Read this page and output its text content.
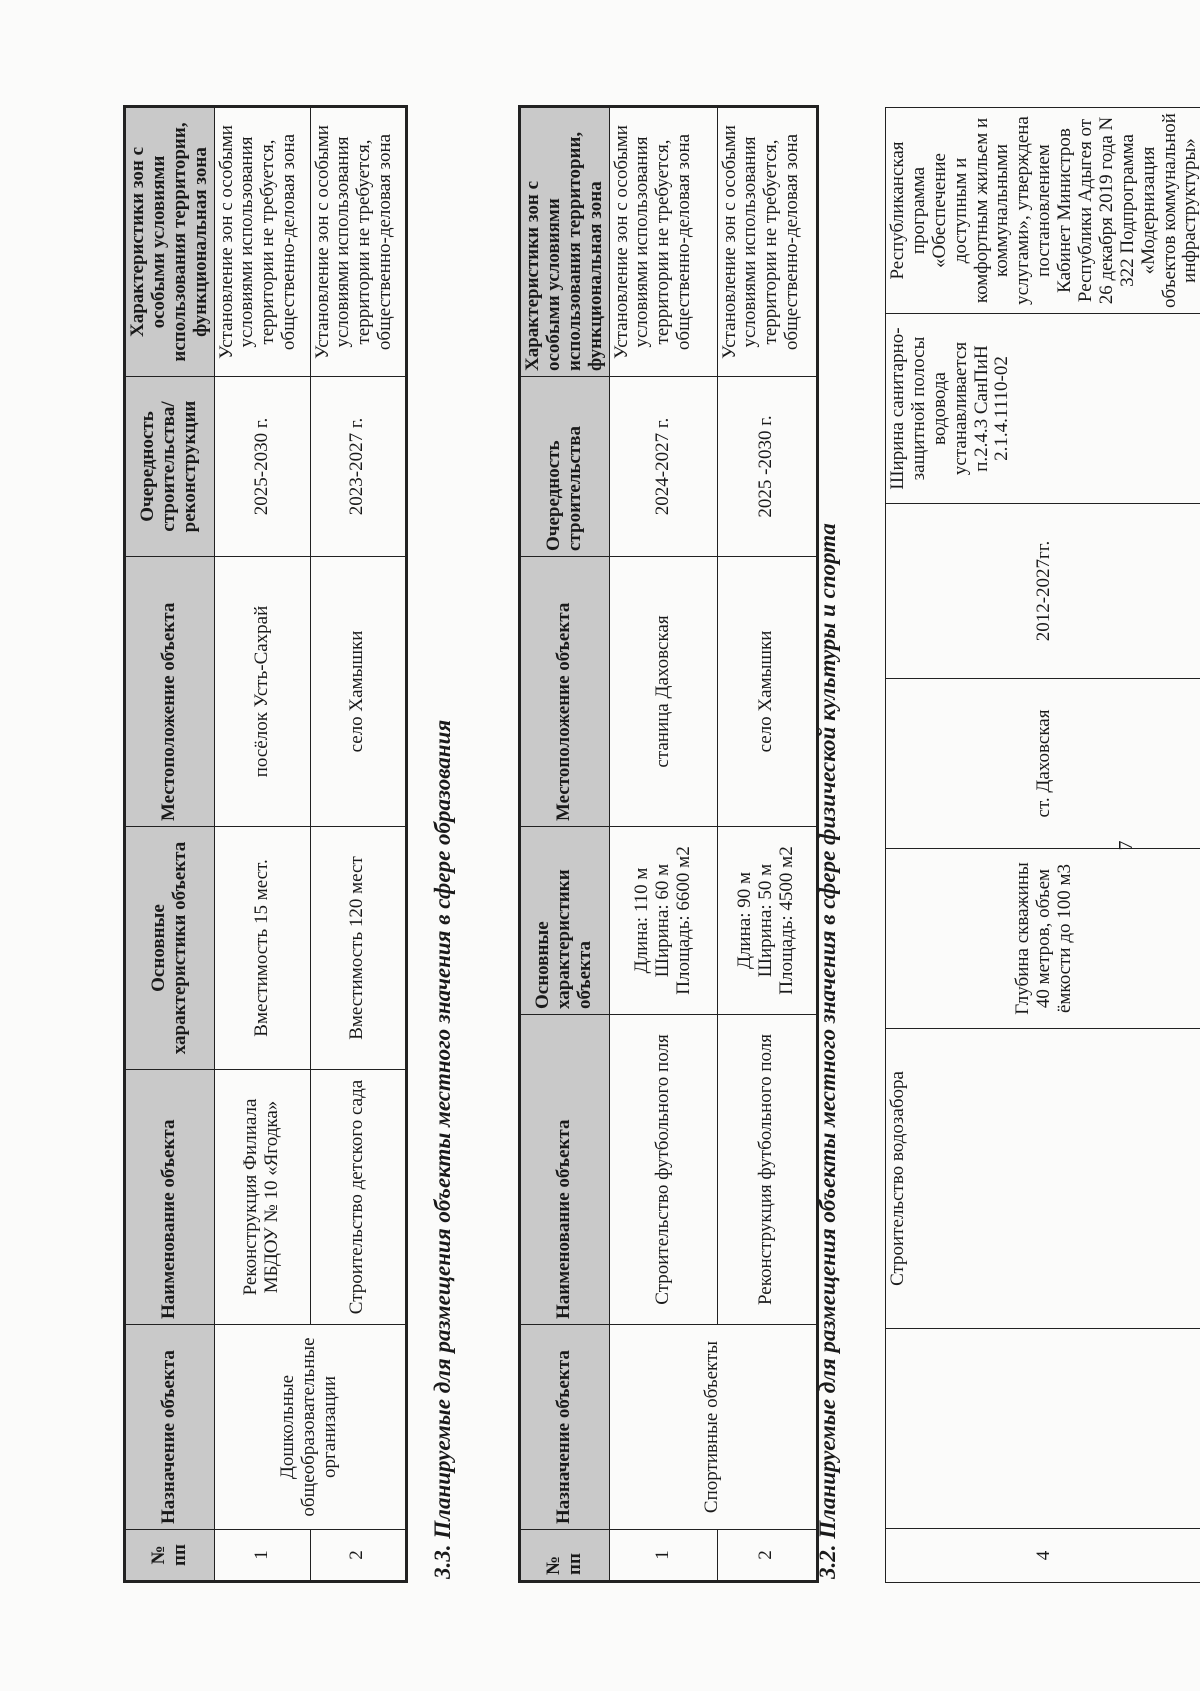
7
4		Строительство водозабора	Глубина скважины 40 метров, объем ёмкости до 100 м3	ст. Даховская	2012-2027гг.	Ширина санитарно-защитной полосы водовода устанавливается п.2.4.3 СанПиН 2.1.4.1110-02	Республиканская программа «Обеспечение доступным и комфортным жильем и коммунальными услугами», утверждена постановлением Кабинет Министров Республики Адыгея от 26 декабря 2019 года N 322 Подпрограмма «Модернизация объектов коммунальной инфраструктуры»
3.2. Планируемые для размещения объекты местного значения в сфере физической культуры и спорта
№ пп	Назначение объекта	Наименование объекта	Основные характеристики объекта	Местоположение объекта	Очередность строительства	Характеристики зон с особыми условиями использования территории, функциональная зона
1	Спортивные объекты	Строительство футбольного поля	Длина: 110 м
Ширина: 60 м
Площадь: 6600 м2	станица Даховская	2024-2027 г.	Установление зон с особыми условиями использования территории не требуется, общественно-деловая зона
2		Реконструкция футбольного поля	Длина: 90 м
Ширина: 50 м
Площадь: 4500 м2	село Хамышки	2025 -2030 г.	Установление зон с особыми условиями использования территории не требуется, общественно-деловая зона
3.3. Планируемые для размещения объекты местного значения в сфере образования
№ пп	Назначение объекта	Наименование объекта	Основные характеристики объекта	Местоположение объекта	Очередность строительства/ реконструкции	Характеристики зон с особыми условиями использования территории, функциональная зона
1	Дошкольные общеобразовательные организации	Реконструкция Филиала МБДОУ № 10 «Ягодка»	Вместимость 15 мест.	посёлок Усть-Сахрай	2025-2030 г.	Установление зон с особыми условиями использования территории не требуется, общественно-деловая зона
2		Строительство детского сада	Вместимость 120 мест	село Хамышки	2023-2027 г.	Установление зон с особыми условиями использования территории не требуется, общественно-деловая зона
